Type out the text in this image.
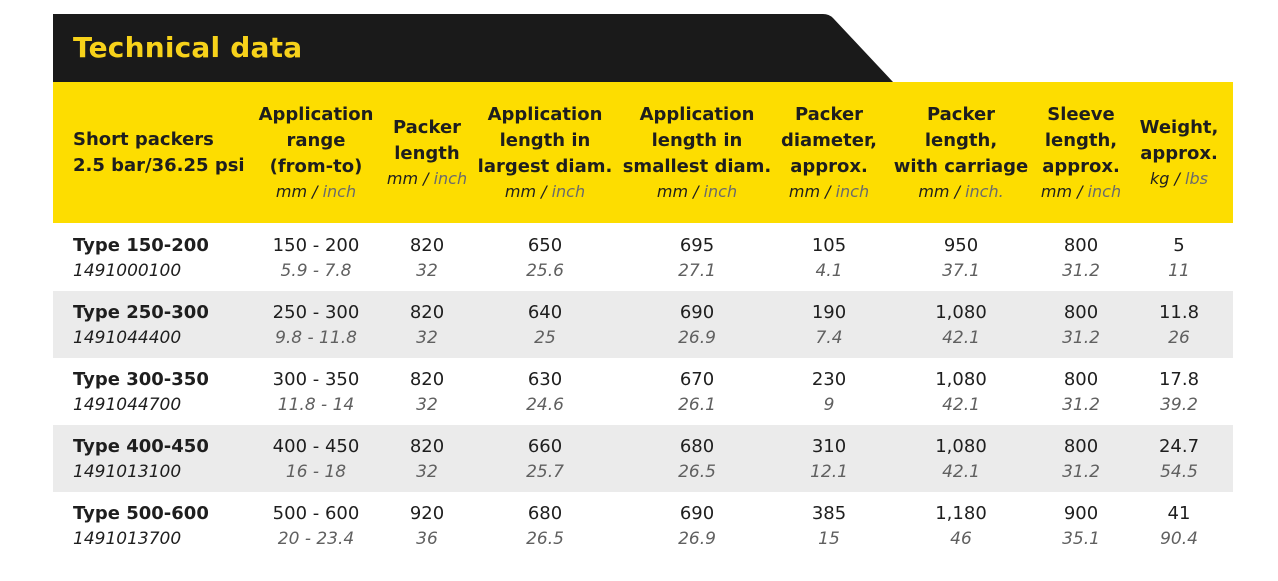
Technical data
Short packers
2.5 bar/36.25 psi
Application
range
(from-to)
mm / inch
Packer
length
mm / inch
Application
length in
largest diam.
mm / inch
Application
length in
smallest diam.
mm / inch
Packer
diameter,
approx.
mm / inch
Packer
length,
with carriage
mm / inch.
Sleeve
length,
approx.
mm / inch
Weight,
approx.
kg / lbs
Type 150-200
1491000100
150 - 200
5.9 - 7.8
820
32
650
25.6
695
27.1
105
4.1
950
37.1
800
31.2
5
11
Type 250-300
1491044400
250 - 300
9.8 - 11.8
820
32
640
25
690
26.9
190
7.4
1,080
42.1
800
31.2
11.8
26
Type 300-350
1491044700
300 - 350
11.8 - 14
820
32
630
24.6
670
26.1
230
9
1,080
42.1
800
31.2
17.8
39.2
Type 400-450
1491013100
400 - 450
16 - 18
820
32
660
25.7
680
26.5
310
12.1
1,080
42.1
800
31.2
24.7
54.5
Type 500-600
1491013700
500 - 600
20 - 23.4
920
36
680
26.5
690
26.9
385
15
1,180
46
900
35.1
41
90.4
